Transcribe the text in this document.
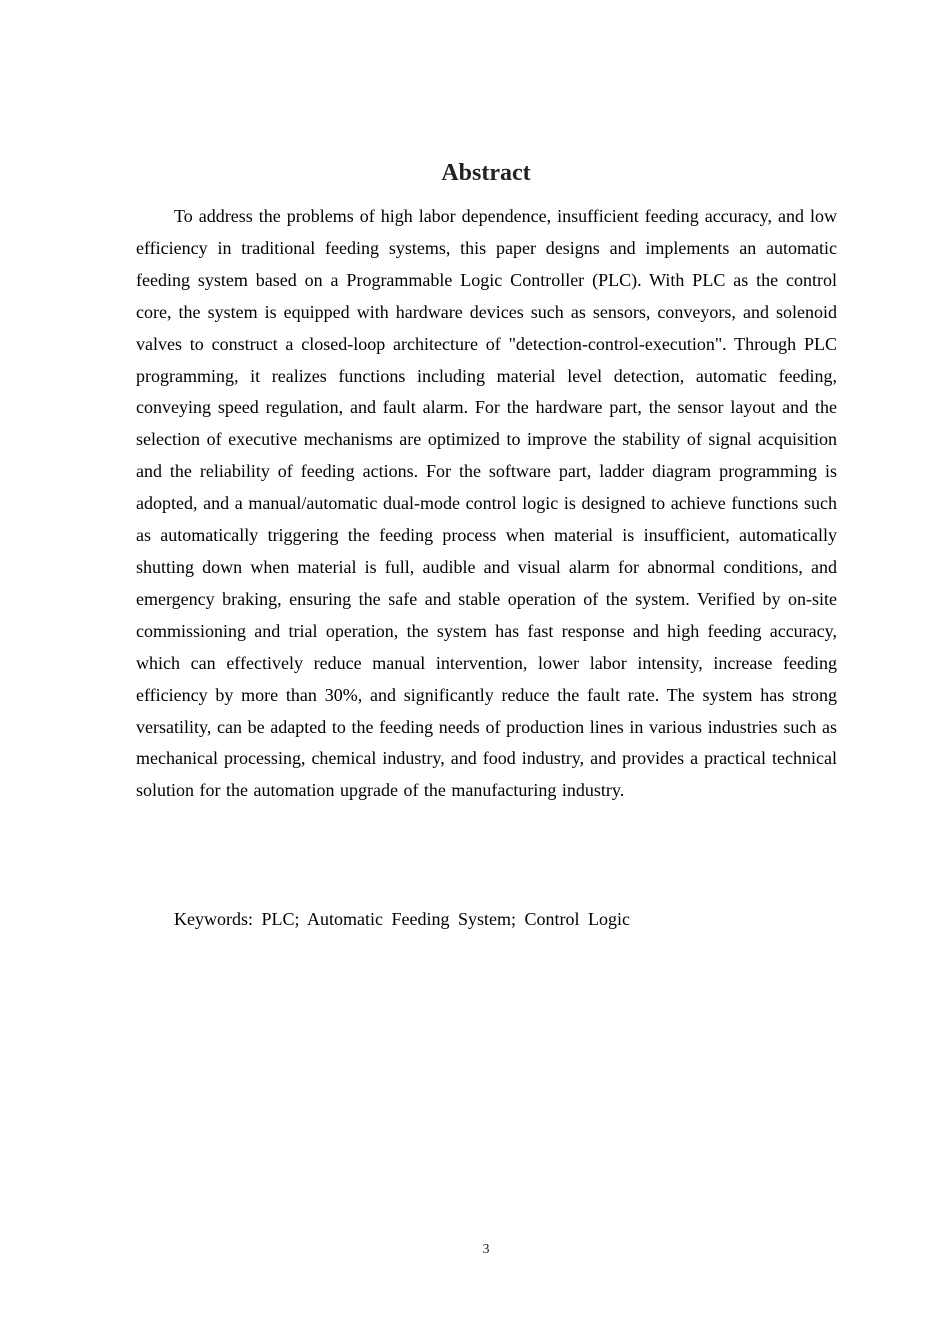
Abstract

To address the problems of high labor dependence, insufficient feeding accuracy, and low efficiency in traditional feeding systems, this paper designs and implements an automatic feeding system based on a Programmable Logic Controller (PLC). With PLC as the control core, the system is equipped with hardware devices such as sensors, conveyors, and solenoid valves to construct a closed-loop architecture of "detection-control-execution". Through PLC programming, it realizes functions including material level detection, automatic feeding, conveying speed regulation, and fault alarm. For the hardware part, the sensor layout and the selection of executive mechanisms are optimized to improve the stability of signal acquisition and the reliability of feeding actions. For the software part, ladder diagram programming is adopted, and a manual/automatic dual-mode control logic is designed to achieve functions such as automatically triggering the feeding process when material is insufficient, automatically shutting down when material is full, audible and visual alarm for abnormal conditions, and emergency braking, ensuring the safe and stable operation of the system. Verified by on-site commissioning and trial operation, the system has fast response and high feeding accuracy, which can effectively reduce manual intervention, lower labor intensity, increase feeding efficiency by more than 30%, and significantly reduce the fault rate. The system has strong versatility, can be adapted to the feeding needs of production lines in various industries such as mechanical processing, chemical industry, and food industry, and provides a practical technical solution for the automation upgrade of the manufacturing industry.

Keywords: PLC; Automatic Feeding System; Control Logic

3
